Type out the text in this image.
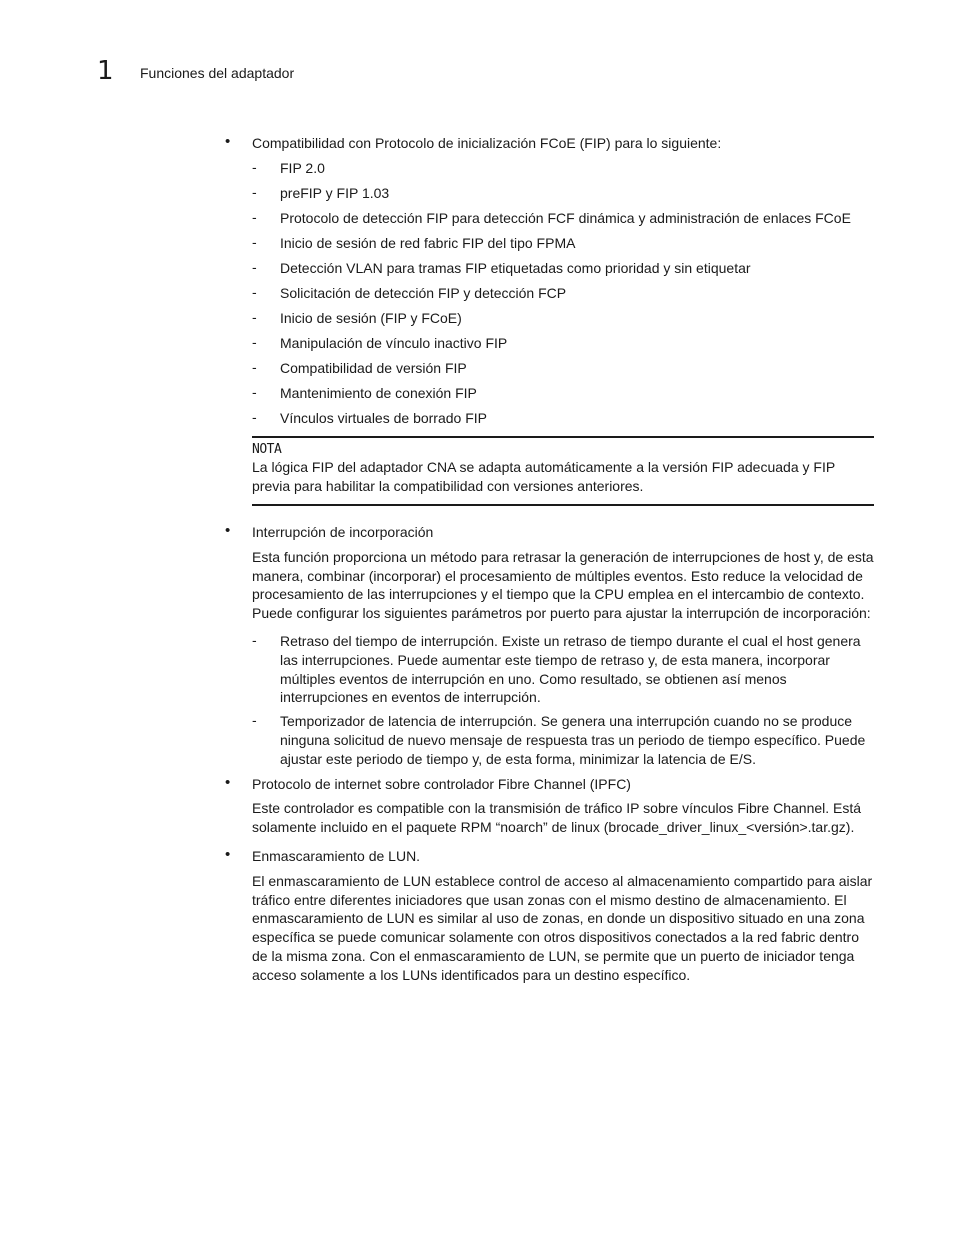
1 Funciones del adaptador
• Compatibilidad con Protocolo de inicialización FCoE (FIP) para lo siguiente:
- FIP 2.0
- preFIP y FIP 1.03
- Protocolo de detección FIP para detección FCF dinámica y administración de enlaces FCoE
- Inicio de sesión de red fabric FIP del tipo FPMA
- Detección VLAN para tramas FIP etiquetadas como prioridad y sin etiquetar
- Solicitación de detección FIP y detección FCP
- Inicio de sesión (FIP y FCoE)
- Manipulación de vínculo inactivo FIP
- Compatibilidad de versión FIP
- Mantenimiento de conexión FIP
- Vínculos virtuales de borrado FIP
NOTA
La lógica FIP del adaptador CNA se adapta automáticamente a la versión FIP adecuada y FIP previa para habilitar la compatibilidad con versiones anteriores.
• Interrupción de incorporación
Esta función proporciona un método para retrasar la generación de interrupciones de host y, de esta manera, combinar (incorporar) el procesamiento de múltiples eventos. Esto reduce la velocidad de procesamiento de las interrupciones y el tiempo que la CPU emplea en el intercambio de contexto. Puede configurar los siguientes parámetros por puerto para ajustar la interrupción de incorporación:
- Retraso del tiempo de interrupción. Existe un retraso de tiempo durante el cual el host genera las interrupciones. Puede aumentar este tiempo de retraso y, de esta manera, incorporar múltiples eventos de interrupción en uno. Como resultado, se obtienen así menos interrupciones en eventos de interrupción.
- Temporizador de latencia de interrupción. Se genera una interrupción cuando no se produce ninguna solicitud de nuevo mensaje de respuesta tras un periodo de tiempo específico. Puede ajustar este periodo de tiempo y, de esta forma, minimizar la latencia de E/S.
• Protocolo de internet sobre controlador Fibre Channel (IPFC)
Este controlador es compatible con la transmisión de tráfico IP sobre vínculos Fibre Channel. Está solamente incluido en el paquete RPM “noarch” de linux (brocade_driver_linux_<versión>.tar.gz).
• Enmascaramiento de LUN.
El enmascaramiento de LUN establece control de acceso al almacenamiento compartido para aislar tráfico entre diferentes iniciadores que usan zonas con el mismo destino de almacenamiento. El enmascaramiento de LUN es similar al uso de zonas, en donde un dispositivo situado en una zona específica se puede comunicar solamente con otros dispositivos conectados a la red fabric dentro de la misma zona. Con el enmascaramiento de LUN, se permite que un puerto de iniciador tenga acceso solamente a los LUNs identificados para un destino específico.
